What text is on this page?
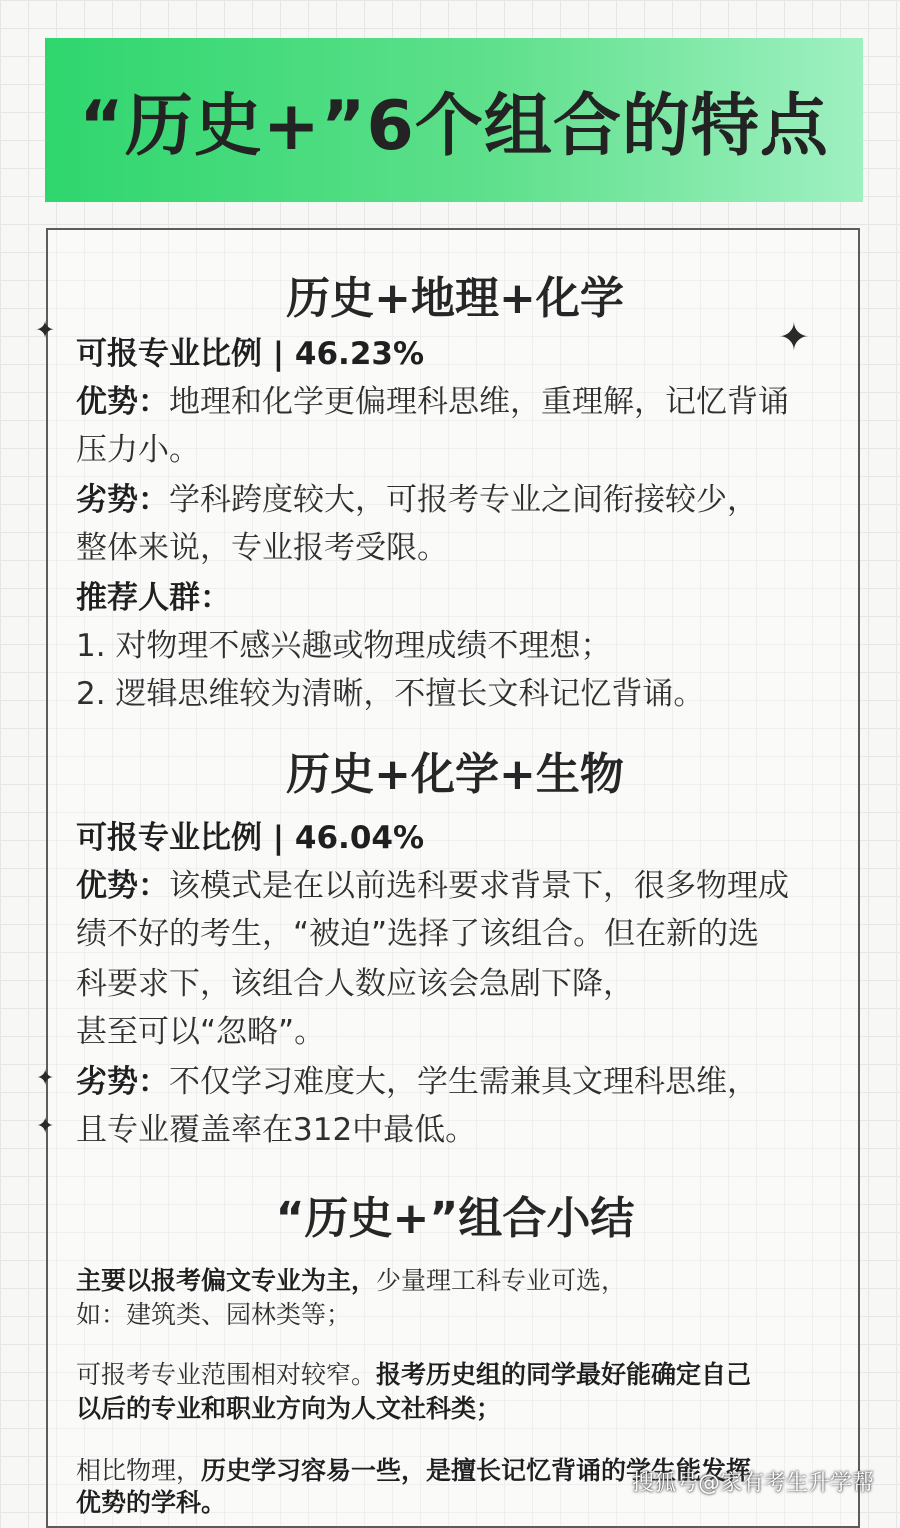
“历史+”6个组合的特点
历史+地理+化学
可报专业比例 | 46.23%
优势：地理和化学更偏理科思维，重理解，记忆背诵
压力小。
劣势：学科跨度较大，可报考专业之间衔接较少，
整体来说，专业报考受限。
推荐人群：
1. 对物理不感兴趣或物理成绩不理想；
2. 逻辑思维较为清晰，不擅长文科记忆背诵。
历史+化学+生物
可报专业比例 | 46.04%
优势：该模式是在以前选科要求背景下，很多物理成
绩不好的考生，“被迫”选择了该组合。但在新的选
科要求下，该组合人数应该会急剧下降，
甚至可以“忽略”。
劣势：不仅学习难度大，学生需兼具文理科思维，
且专业覆盖率在312中最低。
“历史+”组合小结
主要以报考偏文专业为主，少量理工科专业可选，
如：建筑类、园林类等；
可报考专业范围相对较窄。报考历史组的同学最好能确定自己
以后的专业和职业方向为人文社科类；
相比物理，历史学习容易一些，是擅长记忆背诵的学生能发挥
优势的学科。
✦	✦
✦
✦
搜狐号@家有考生升学帮
